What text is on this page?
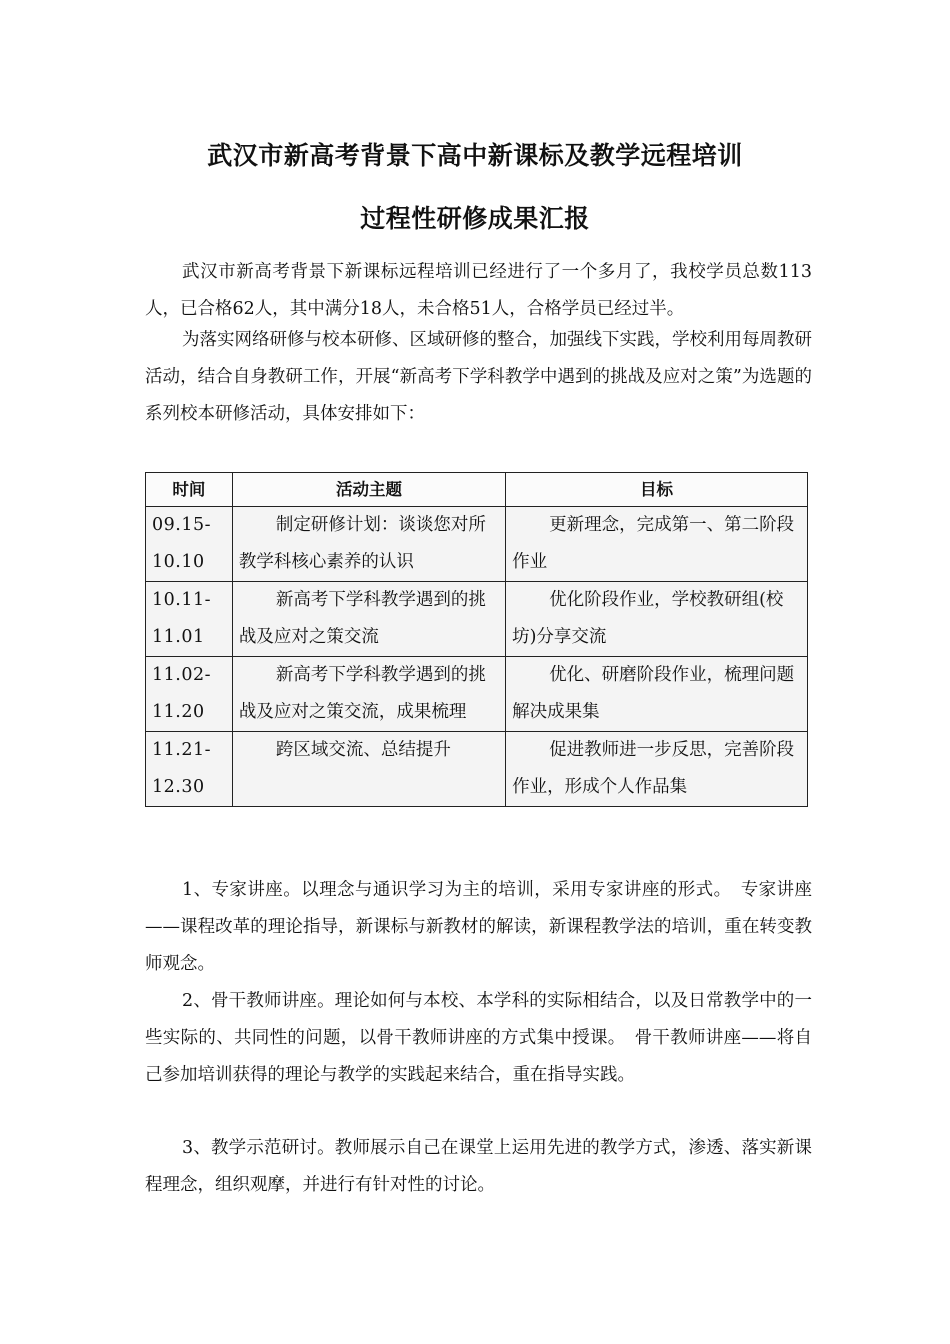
武汉市新高考背景下高中新课标及教学远程培训
过程性研修成果汇报

武汉市新高考背景下新课标远程培训已经进行了一个多月了，我校学员总数113人，已合格62人，其中满分18人，未合格51人，合格学员已经过半。

为落实网络研修与校本研修、区域研修的整合，加强线下实践，学校利用每周教研活动，结合自身教研工作，开展“新高考下学科教学中遇到的挑战及应对之策”为选题的系列校本研修活动，具体安排如下：

时间	活动主题	目标

09.15-
10.10	制定研修计划：谈谈您对所教学科核心素养的认识	更新理念，完成第一、第二阶段作业

10.11-
11.01	新高考下学科教学遇到的挑战及应对之策交流	优化阶段作业，学校教研组(校坊)分享交流

11.02-
11.20	新高考下学科教学遇到的挑战及应对之策交流，成果梳理	优化、研磨阶段作业，梳理问题解决成果集

11.21-
12.30	跨区域交流、总结提升	促进教师进一步反思，完善阶段作业，形成个人作品集

1、专家讲座。以理念与通识学习为主的培训，采用专家讲座的形式。　专家讲座——课程改革的理论指导，新课标与新教材的解读，新课程教学法的培训，重在转变教师观念。

2、骨干教师讲座。理论如何与本校、本学科的实际相结合，以及日常教学中的一些实际的、共同性的问题，以骨干教师讲座的方式集中授课。　骨干教师讲座——将自己参加培训获得的理论与教学的实践起来结合，重在指导实践。

3、教学示范研讨。教师展示自己在课堂上运用先进的教学方式，渗透、落实新课程理念，组织观摩，并进行有针对性的讨论。
